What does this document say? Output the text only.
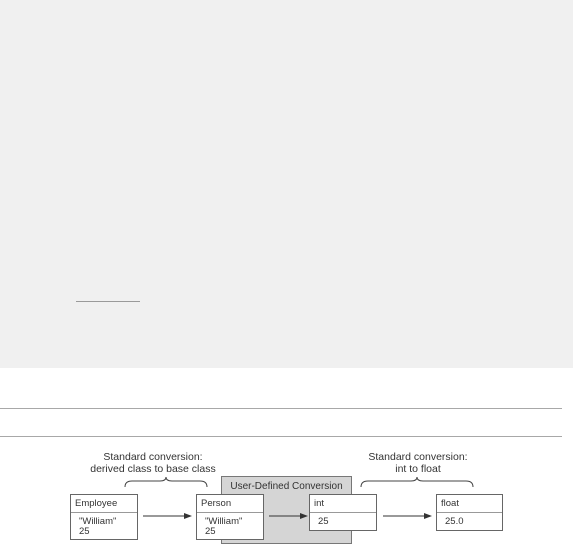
Standard conversion:
derived class to base class
Standard conversion:
int to float
User-Defined Conversion
Employee
"William"
25
Person
"William"
25
int
25
float
25.0
